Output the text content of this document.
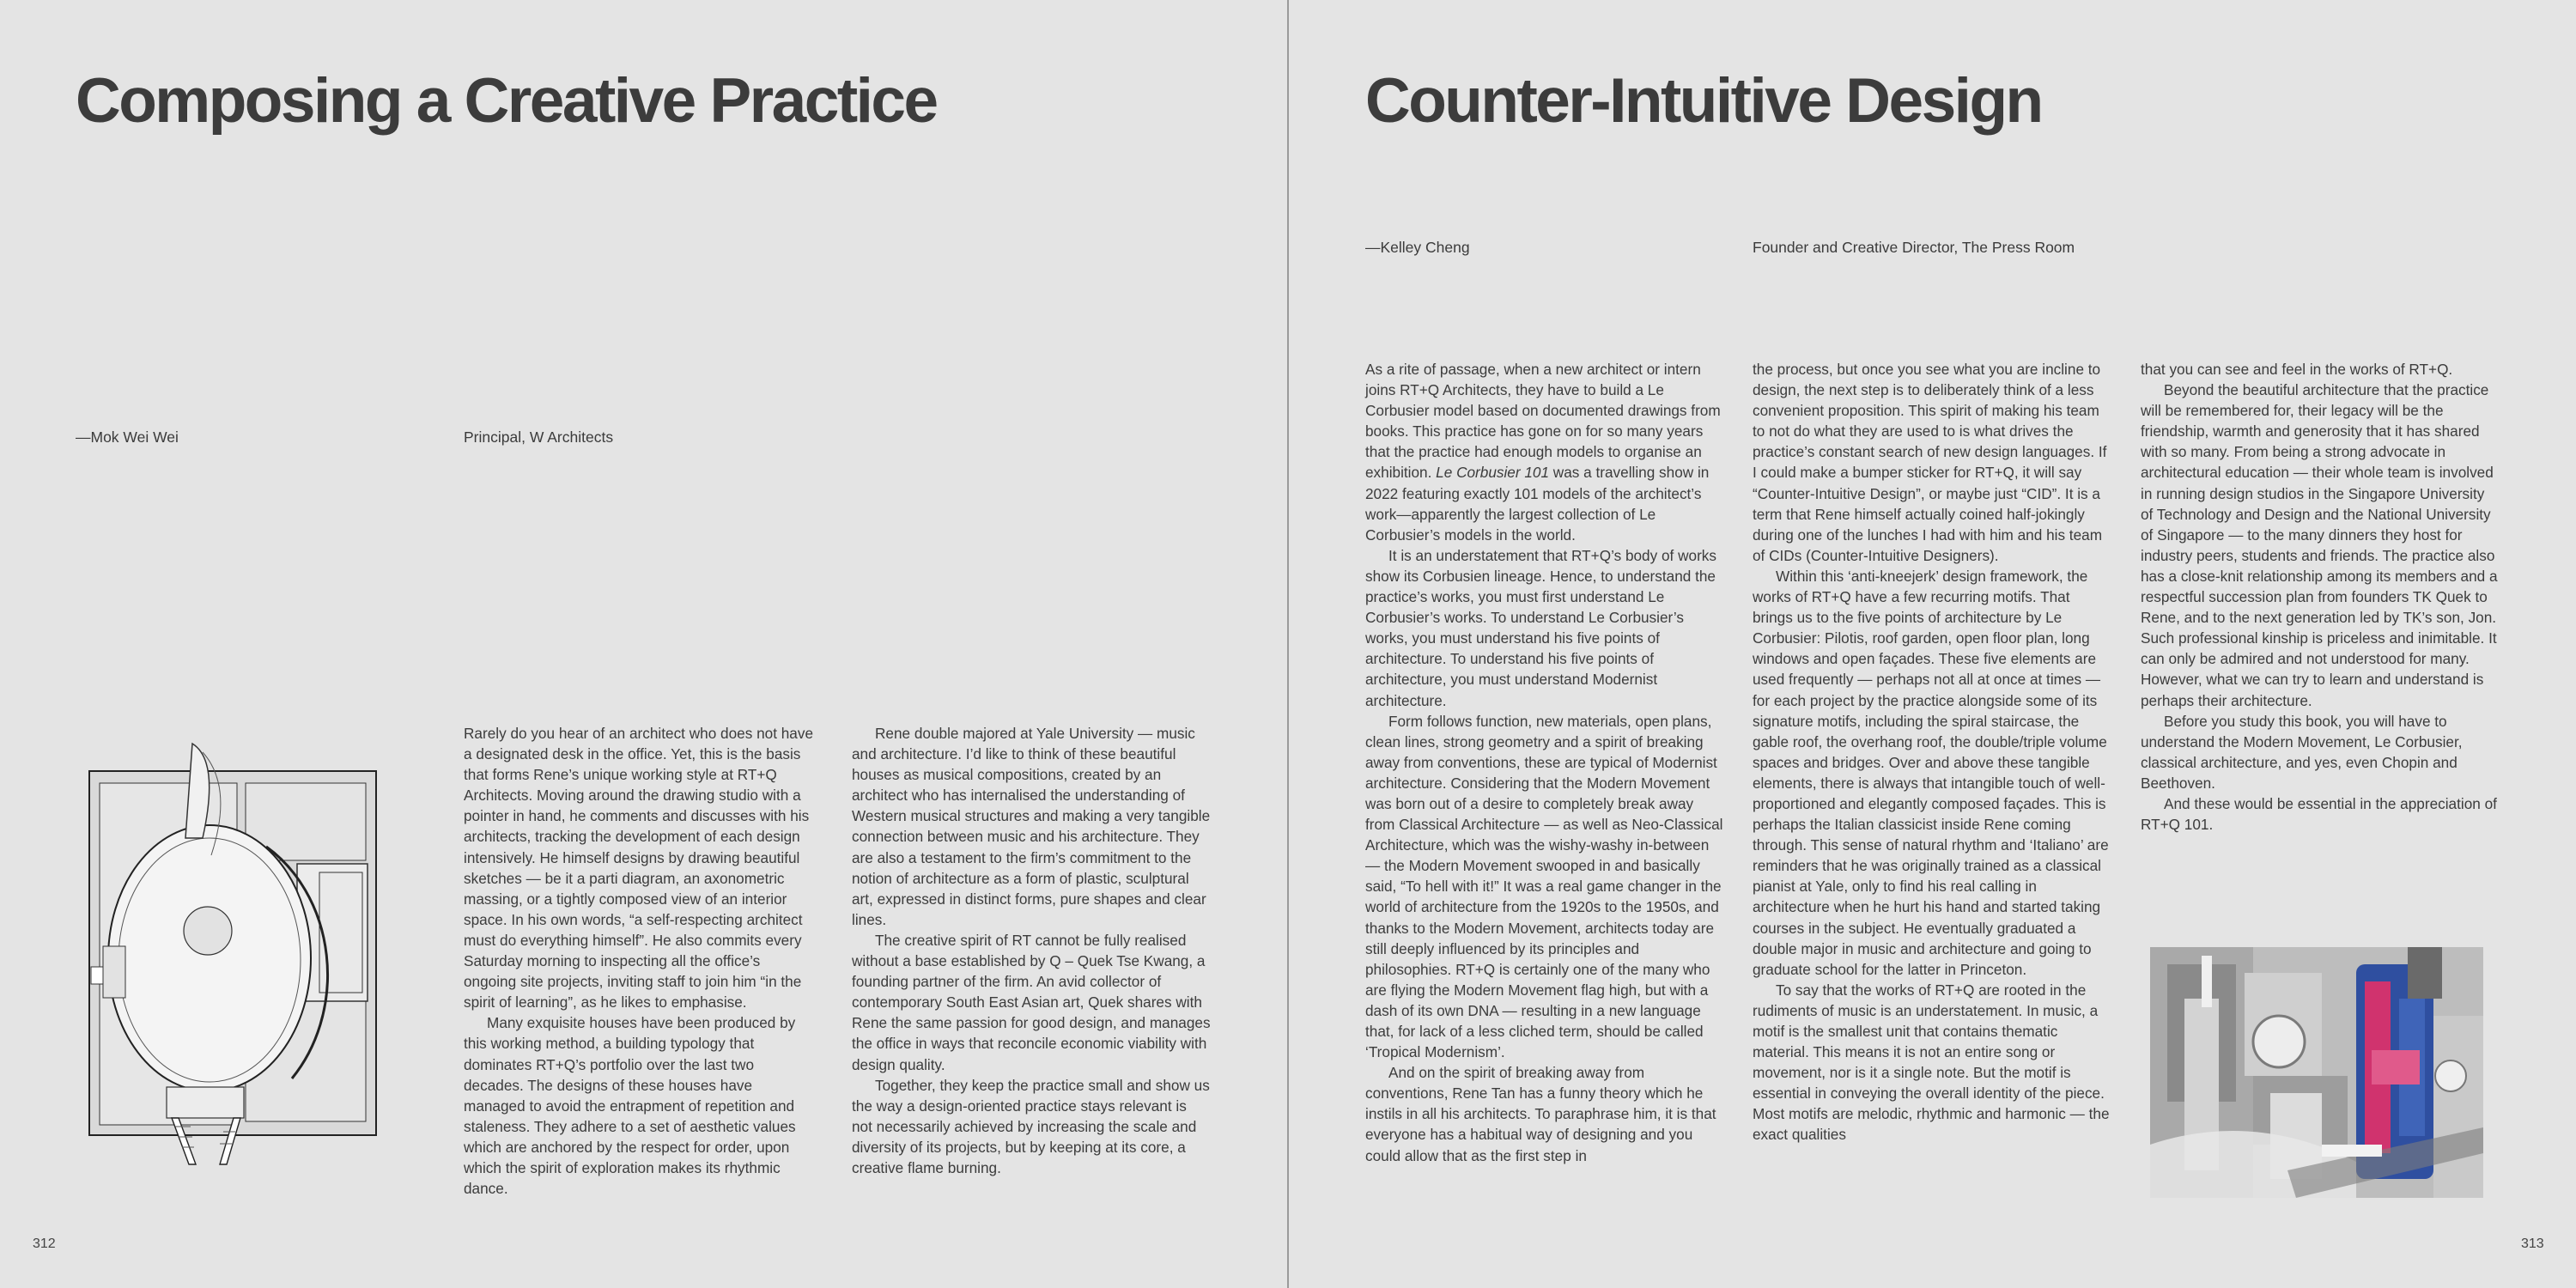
Composing a Creative Practice
—Mok Wei Wei	Principal, W Architects

Rarely do you hear of an architect who does not have a designated desk in the office. Yet, this is the basis that forms Rene’s unique working style at RT+Q Architects. Moving around the drawing studio with a pointer in hand, he comments and discusses with his architects, tracking the development of each design intensively. He himself designs by drawing beautiful sketches — be it a parti diagram, an axonometric massing, or a tightly composed view of an interior space. In his own words, “a self-respecting architect must do everything himself”. He also commits every Saturday morning to inspecting all the office’s ongoing site projects, inviting staff to join him “in the spirit of learning”, as he likes to emphasise.

Many exquisite houses have been produced by this working method, a building typology that dominates RT+Q’s portfolio over the last two decades. The designs of these houses have managed to avoid the entrapment of repetition and staleness. They adhere to a set of aesthetic values which are anchored by the respect for order, upon which the spirit of exploration makes its rhythmic dance.

Rene double majored at Yale University — music and architecture. I’d like to think of these beautiful houses as musical compositions, created by an architect who has internalised the understanding of Western musical structures and making a very tangible connection between music and his architecture. They are also a testament to the firm’s commitment to the notion of architecture as a form of plastic, sculptural art, expressed in distinct forms, pure shapes and clear lines.

The creative spirit of RT cannot be fully realised without a base established by Q – Quek Tse Kwang, a founding partner of the firm. An avid collector of contemporary South East Asian art, Quek shares with Rene the same passion for good design, and manages the office in ways that reconcile economic viability with design quality.

Together, they keep the practice small and show us the way a design-oriented practice stays relevant is not necessarily achieved by increasing the scale and diversity of its projects, but by keeping at its core, a creative flame burning.

312
Counter-Intuitive Design
—Kelley Cheng	Founder and Creative Director, The Press Room

As a rite of passage, when a new architect or intern joins RT+Q Architects, they have to build a Le Corbusier model based on documented drawings from books. This practice has gone on for so many years that the practice had enough models to organise an exhibition. Le Corbusier 101 was a travelling show in 2022 featuring exactly 101 models of the architect’s work—apparently the largest collection of Le Corbusier’s models in the world.

It is an understatement that RT+Q’s body of works show its Corbusien lineage. Hence, to understand the practice’s works, you must first understand Le Corbusier’s works. To understand Le Corbusier’s works, you must understand his five points of architecture. To understand his five points of architecture, you must understand Modernist architecture.

Form follows function, new materials, open plans, clean lines, strong geometry and a spirit of breaking away from conventions, these are typical of Modernist architecture. Considering that the Modern Movement was born out of a desire to completely break away from Classical Architecture — as well as Neo-Classical Architecture, which was the wishy-washy in-between — the Modern Movement swooped in and basically said, “To hell with it!” It was a real game changer in the world of architecture from the 1920s to the 1950s, and thanks to the Modern Movement, architects today are still deeply influenced by its principles and philosophies. RT+Q is certainly one of the many who are flying the Modern Movement flag high, but with a dash of its own DNA — resulting in a new language that, for lack of a less cliched term, should be called ‘Tropical Modernism’.

And on the spirit of breaking away from conventions, Rene Tan has a funny theory which he instils in all his architects. To paraphrase him, it is that everyone has a habitual way of designing and you could allow that as the first step in

the process, but once you see what you are incline to design, the next step is to deliberately think of a less convenient proposition. This spirit of making his team to not do what they are used to is what drives the practice’s constant search of new design languages. If I could make a bumper sticker for RT+Q, it will say “Counter-Intuitive Design”, or maybe just “CID”. It is a term that Rene himself actually coined half-jokingly during one of the lunches I had with him and his team of CIDs (Counter-Intuitive Designers).

Within this ‘anti-kneejerk’ design framework, the works of RT+Q have a few recurring motifs. That brings us to the five points of architecture by Le Corbusier: Pilotis, roof garden, open floor plan, long windows and open façades. These five elements are used frequently — perhaps not all at once at times — for each project by the practice alongside some of its signature motifs, including the spiral staircase, the gable roof, the overhang roof, the double/triple volume spaces and bridges. Over and above these tangible elements, there is always that intangible touch of well-proportioned and elegantly composed façades. This is perhaps the Italian classicist inside Rene coming through. This sense of natural rhythm and ‘Italiano’ are reminders that he was originally trained as a classical pianist at Yale, only to find his real calling in architecture when he hurt his hand and started taking courses in the subject. He eventually graduated a double major in music and architecture and going to graduate school for the latter in Princeton.

To say that the works of RT+Q are rooted in the rudiments of music is an understatement. In music, a motif is the smallest unit that contains thematic material. This means it is not an entire song or movement, nor is it a single note. But the motif is essential in conveying the overall identity of the piece. Most motifs are melodic, rhythmic and harmonic — the exact qualities

that you can see and feel in the works of RT+Q.

Beyond the beautiful architecture that the practice will be remembered for, their legacy will be the friendship, warmth and generosity that it has shared with so many. From being a strong advocate in architectural education — their whole team is involved in running design studios in the Singapore University of Technology and Design and the National University of Singapore — to the many dinners they host for industry peers, students and friends. The practice also has a close-knit relationship among its members and a respectful succession plan from founders TK Quek to Rene, and to the next generation led by TK’s son, Jon. Such professional kinship is priceless and inimitable. It can only be admired and not understood for many. However, what we can try to learn and understand is perhaps their architecture.

Before you study this book, you will have to understand the Modern Movement, Le Corbusier, classical architecture, and yes, even Chopin and Beethoven.

And these would be essential in the appreciation of RT+Q 101.

313
